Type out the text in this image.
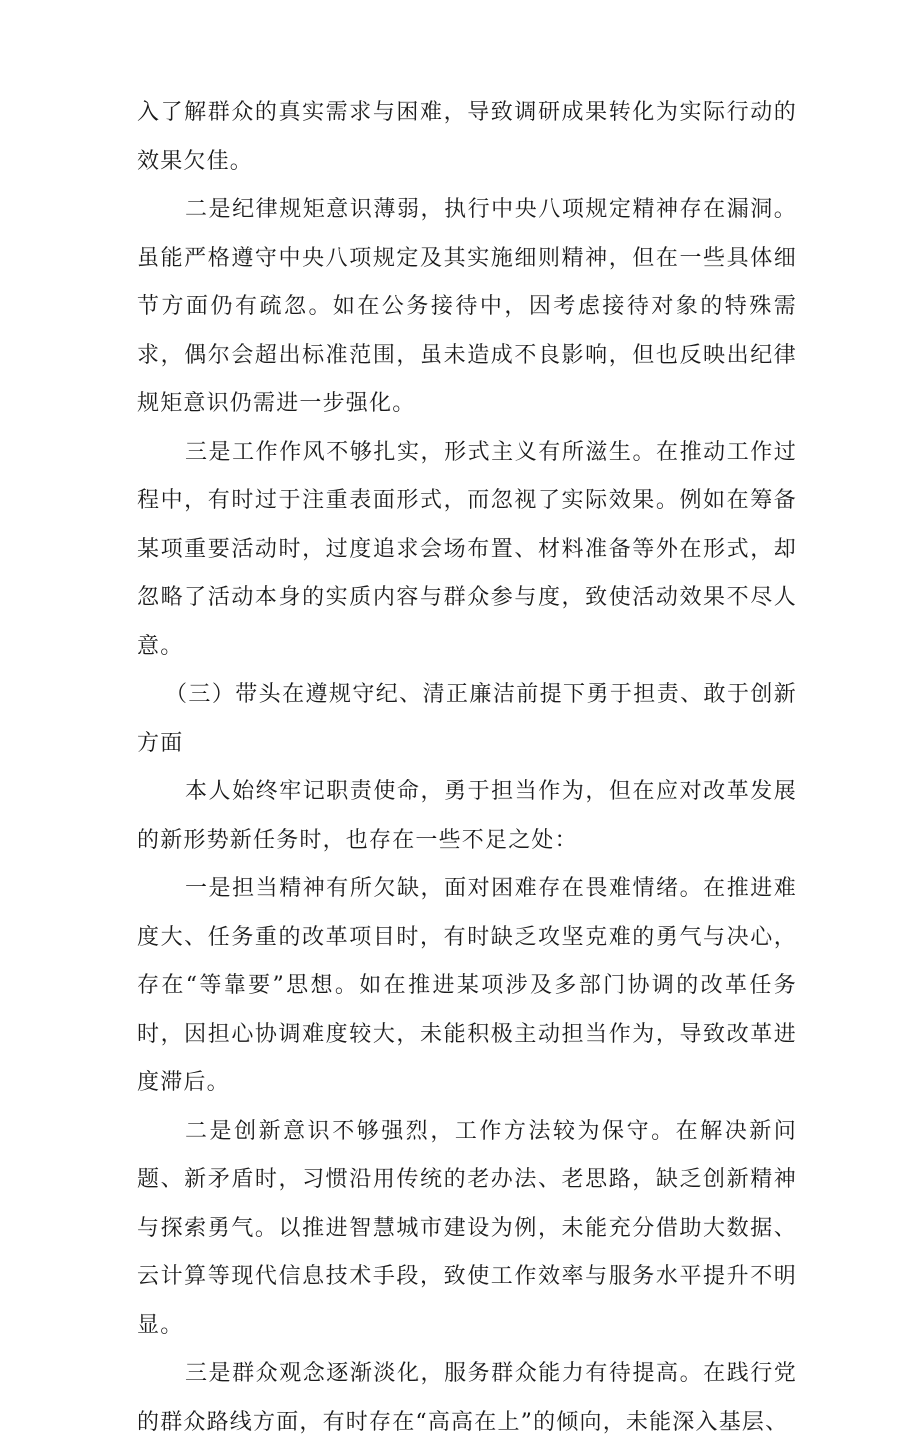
入了解群众的真实需求与困难，导致调研成果转化为实际行动的效果欠佳。

二是纪律规矩意识薄弱，执行中央八项规定精神存在漏洞。虽能严格遵守中央八项规定及其实施细则精神，但在一些具体细节方面仍有疏忽。如在公务接待中，因考虑接待对象的特殊需求，偶尔会超出标准范围，虽未造成不良影响，但也反映出纪律规矩意识仍需进一步强化。

三是工作作风不够扎实，形式主义有所滋生。在推动工作过程中，有时过于注重表面形式，而忽视了实际效果。例如在筹备某项重要活动时，过度追求会场布置、材料准备等外在形式，却忽略了活动本身的实质内容与群众参与度，致使活动效果不尽人意。

（三）带头在遵规守纪、清正廉洁前提下勇于担责、敢于创新方面

本人始终牢记职责使命，勇于担当作为，但在应对改革发展的新形势新任务时，也存在一些不足之处：

一是担当精神有所欠缺，面对困难存在畏难情绪。在推进难度大、任务重的改革项目时，有时缺乏攻坚克难的勇气与决心，存在“等靠要”思想。如在推进某项涉及多部门协调的改革任务时，因担心协调难度较大，未能积极主动担当作为，导致改革进度滞后。

二是创新意识不够强烈，工作方法较为保守。在解决新问题、新矛盾时，习惯沿用传统的老办法、老思路，缺乏创新精神与探索勇气。以推进智慧城市建设为例，未能充分借助大数据、云计算等现代信息技术手段，致使工作效率与服务水平提升不明显。

三是群众观念逐渐淡化，服务群众能力有待提高。在践行党的群众路线方面，有时存在“高高在上”的倾向，未能深入基层、
